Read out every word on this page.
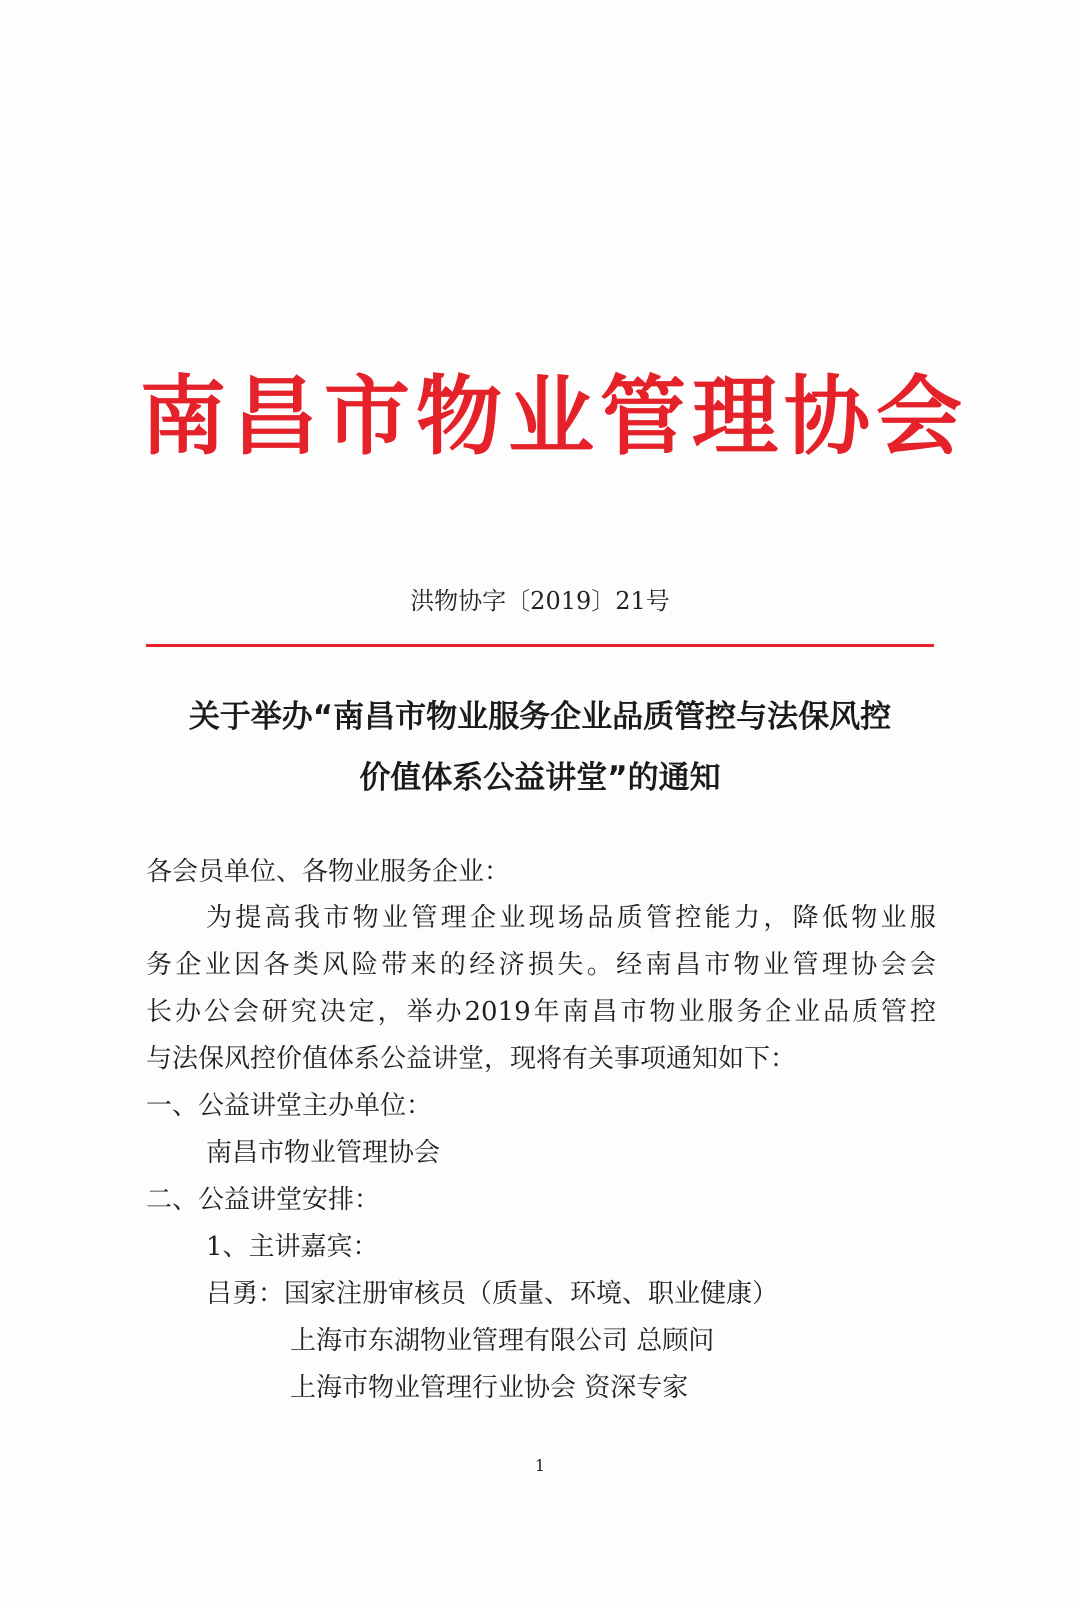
南昌市物业管理协会
洪物协字〔2019〕21号
关于举办“南昌市物业服务企业品质管控与法保风控
价值体系公益讲堂”的通知
各会员单位、各物业服务企业：
为提高我市物业管理企业现场品质管控能力，降低物业服
务企业因各类风险带来的经济损失。经南昌市物业管理协会会
长办公会研究决定，举办2019年南昌市物业服务企业品质管控
与法保风控价值体系公益讲堂，现将有关事项通知如下：
一、公益讲堂主办单位：
南昌市物业管理协会
二、公益讲堂安排：
1、主讲嘉宾：
吕勇：国家注册审核员（质量、环境、职业健康）
上海市东湖物业管理有限公司 总顾问
上海市物业管理行业协会 资深专家
1
